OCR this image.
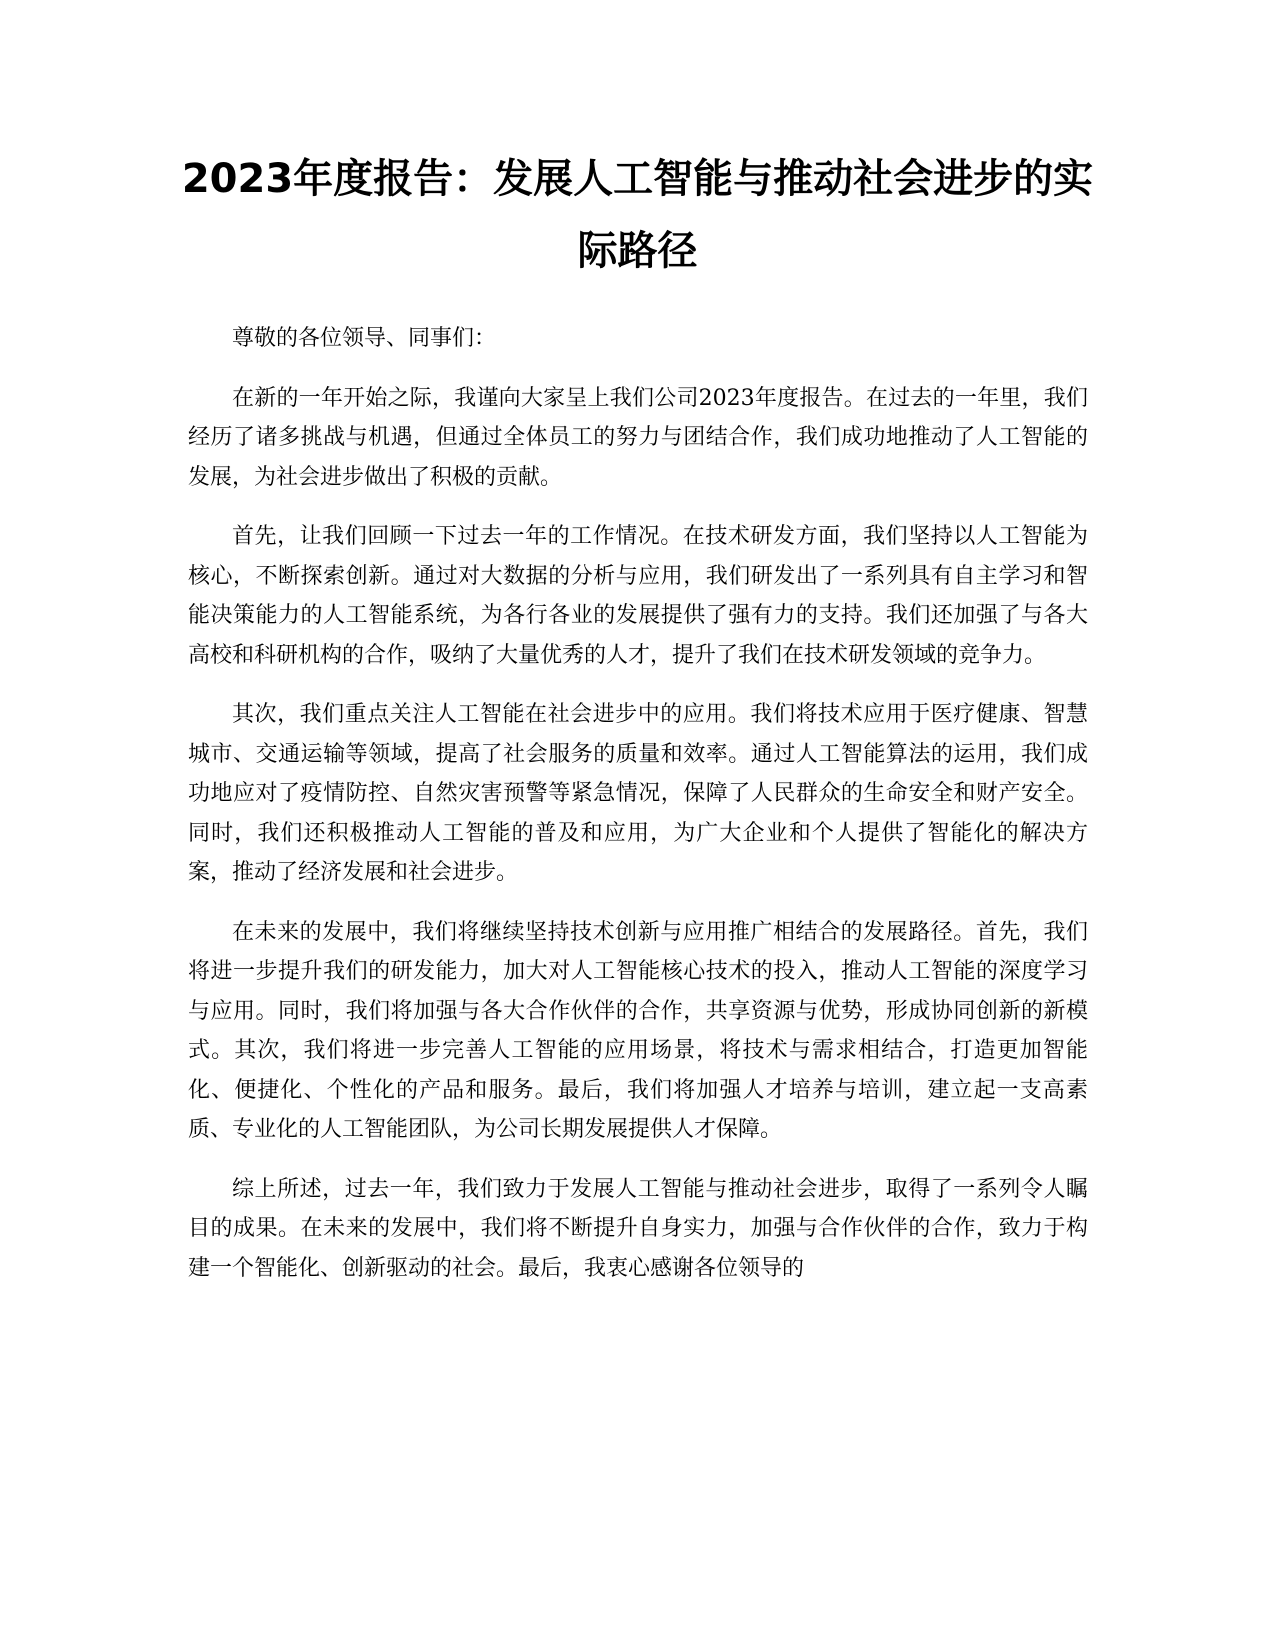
2023年度报告：发展人工智能与推动社会进步的实际路径

尊敬的各位领导、同事们：

在新的一年开始之际，我谨向大家呈上我们公司2023年度报告。在过去的一年里，我们经历了诸多挑战与机遇，但通过全体员工的努力与团结合作，我们成功地推动了人工智能的发展，为社会进步做出了积极的贡献。

首先，让我们回顾一下过去一年的工作情况。在技术研发方面，我们坚持以人工智能为核心，不断探索创新。通过对大数据的分析与应用，我们研发出了一系列具有自主学习和智能决策能力的人工智能系统，为各行各业的发展提供了强有力的支持。我们还加强了与各大高校和科研机构的合作，吸纳了大量优秀的人才，提升了我们在技术研发领域的竞争力。

其次，我们重点关注人工智能在社会进步中的应用。我们将技术应用于医疗健康、智慧城市、交通运输等领域，提高了社会服务的质量和效率。通过人工智能算法的运用，我们成功地应对了疫情防控、自然灾害预警等紧急情况，保障了人民群众的生命安全和财产安全。同时，我们还积极推动人工智能的普及和应用，为广大企业和个人提供了智能化的解决方案，推动了经济发展和社会进步。

在未来的发展中，我们将继续坚持技术创新与应用推广相结合的发展路径。首先，我们将进一步提升我们的研发能力，加大对人工智能核心技术的投入，推动人工智能的深度学习与应用。同时，我们将加强与各大合作伙伴的合作，共享资源与优势，形成协同创新的新模式。其次，我们将进一步完善人工智能的应用场景，将技术与需求相结合，打造更加智能化、便捷化、个性化的产品和服务。最后，我们将加强人才培养与培训，建立起一支高素质、专业化的人工智能团队，为公司长期发展提供人才保障。

综上所述，过去一年，我们致力于发展人工智能与推动社会进步，取得了一系列令人瞩目的成果。在未来的发展中，我们将不断提升自身实力，加强与合作伙伴的合作，致力于构建一个智能化、创新驱动的社会。最后，我衷心感谢各位领导的
